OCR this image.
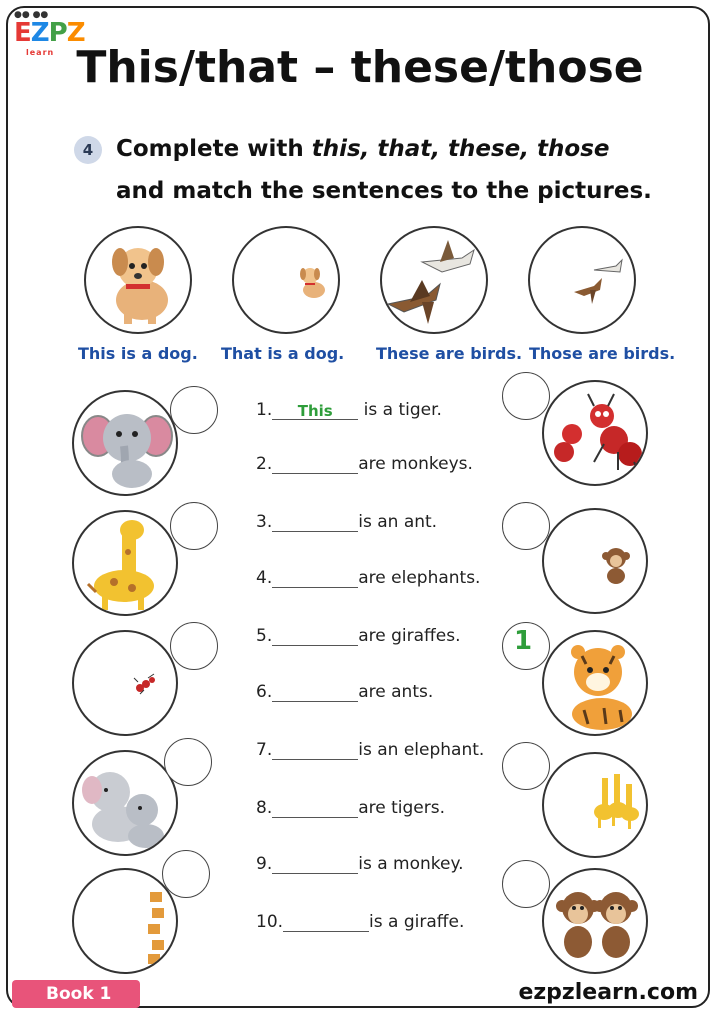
●● ●●
EZPZ
learn This/that – these/those
4 Complete with this, that, these, those
and match the sentences to the pictures.
This is a dog. That is a dog. These are birds. Those are birds.
1
1. This is a tiger.
2.	are monkeys.
3.	is an ant.
4.	are elephants.
5.	are giraffes.
6.	are ants.
7.	is an elephant.
8.	are tigers.
9.	is a monkey.
10.	is a giraffe.
Book 1	ezpzlearn.com
